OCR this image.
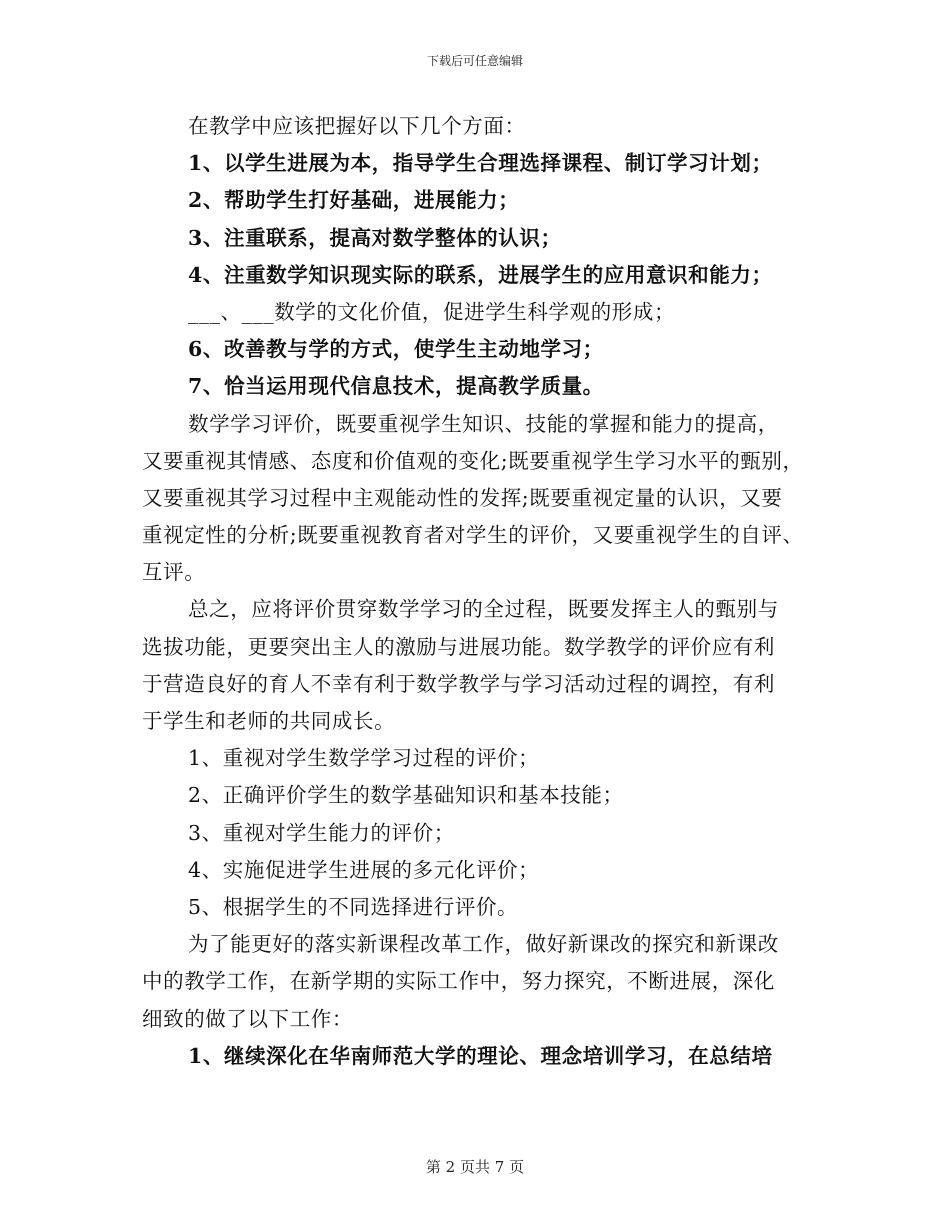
下载后可任意编辑
在教学中应该把握好以下几个方面：
1、以学生进展为本，指导学生合理选择课程、制订学习计划；
2、帮助学生打好基础，进展能力；
3、注重联系，提高对数学整体的认识；
4、注重数学知识现实际的联系，进展学生的应用意识和能力；
___、___数学的文化价值，促进学生科学观的形成；
6、改善教与学的方式，使学生主动地学习；
7、恰当运用现代信息技术，提高教学质量。
数学学习评价，既要重视学生知识、技能的掌握和能力的提高，
又要重视其情感、态度和价值观的变化;既要重视学生学习水平的甄别，
又要重视其学习过程中主观能动性的发挥;既要重视定量的认识，又要
重视定性的分析;既要重视教育者对学生的评价，又要重视学生的自评、
互评。
总之，应将评价贯穿数学学习的全过程，既要发挥主人的甄别与
选拔功能，更要突出主人的激励与进展功能。数学教学的评价应有利
于营造良好的育人不幸有利于数学教学与学习活动过程的调控，有利
于学生和老师的共同成长。
1、重视对学生数学学习过程的评价；
2、正确评价学生的数学基础知识和基本技能；
3、重视对学生能力的评价；
4、实施促进学生进展的多元化评价；
5、根据学生的不同选择进行评价。
为了能更好的落实新课程改革工作，做好新课改的探究和新课改
中的教学工作，在新学期的实际工作中，努力探究，不断进展，深化
细致的做了以下工作：
1、继续深化在华南师范大学的理论、理念培训学习，在总结培
第 2 页共 7 页
